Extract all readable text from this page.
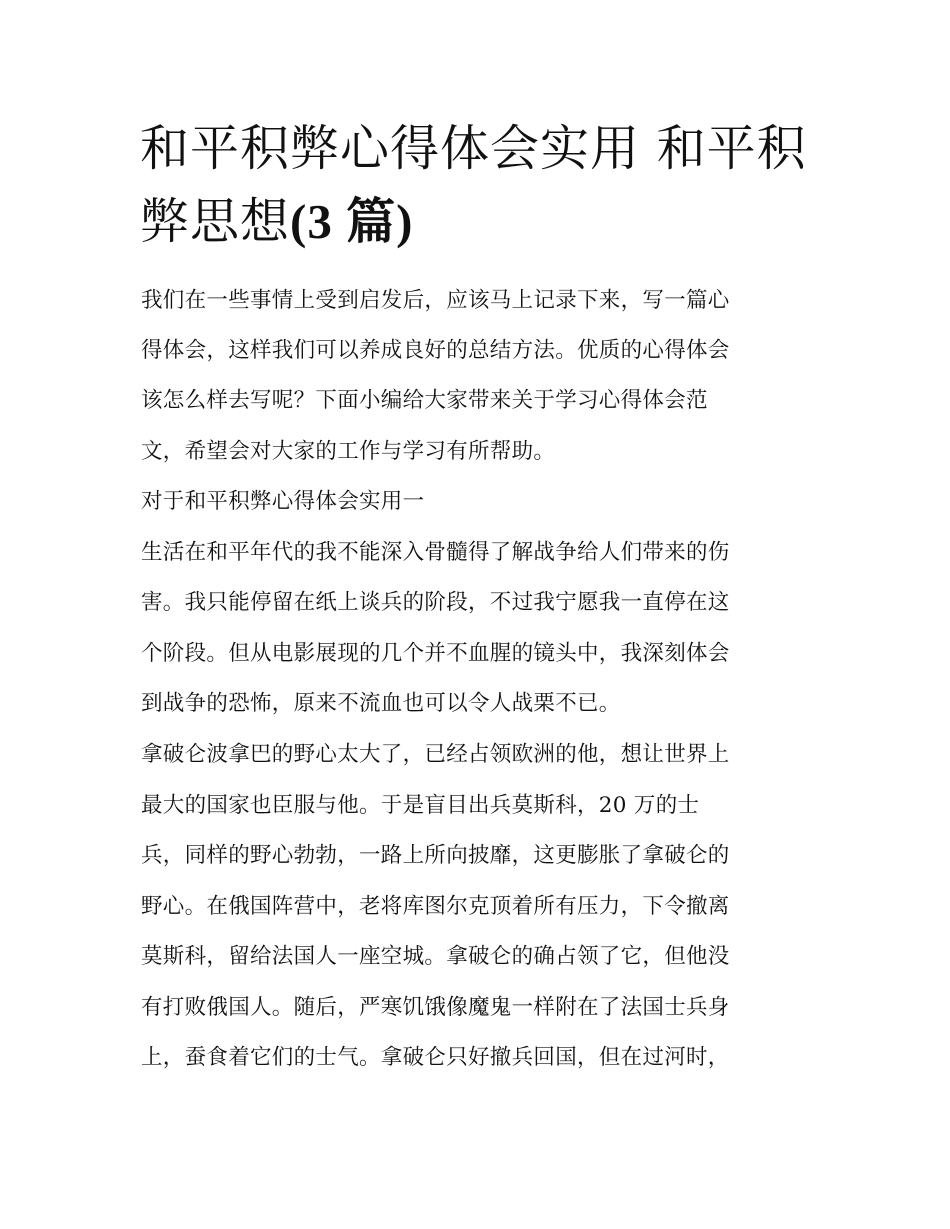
和平积弊心得体会实用 和平积
弊思想(3 篇)
我们在一些事情上受到启发后，应该马上记录下来，写一篇心
得体会，这样我们可以养成良好的总结方法。优质的心得体会
该怎么样去写呢？下面小编给大家带来关于学习心得体会范
文，希望会对大家的工作与学习有所帮助。
对于和平积弊心得体会实用一
生活在和平年代的我不能深入骨髓得了解战争给人们带来的伤
害。我只能停留在纸上谈兵的阶段，不过我宁愿我一直停在这
个阶段。但从电影展现的几个并不血腥的镜头中，我深刻体会
到战争的恐怖，原来不流血也可以令人战栗不已。
拿破仑波拿巴的野心太大了，已经占领欧洲的他，想让世界上
最大的国家也臣服与他。于是盲目出兵莫斯科，20 万的士
兵，同样的野心勃勃，一路上所向披靡，这更膨胀了拿破仑的
野心。在俄国阵营中，老将库图尔克顶着所有压力，下令撤离
莫斯科，留给法国人一座空城。拿破仑的确占领了它，但他没
有打败俄国人。随后，严寒饥饿像魔鬼一样附在了法国士兵身
上，蚕食着它们的士气。拿破仑只好撤兵回国，但在过河时，
